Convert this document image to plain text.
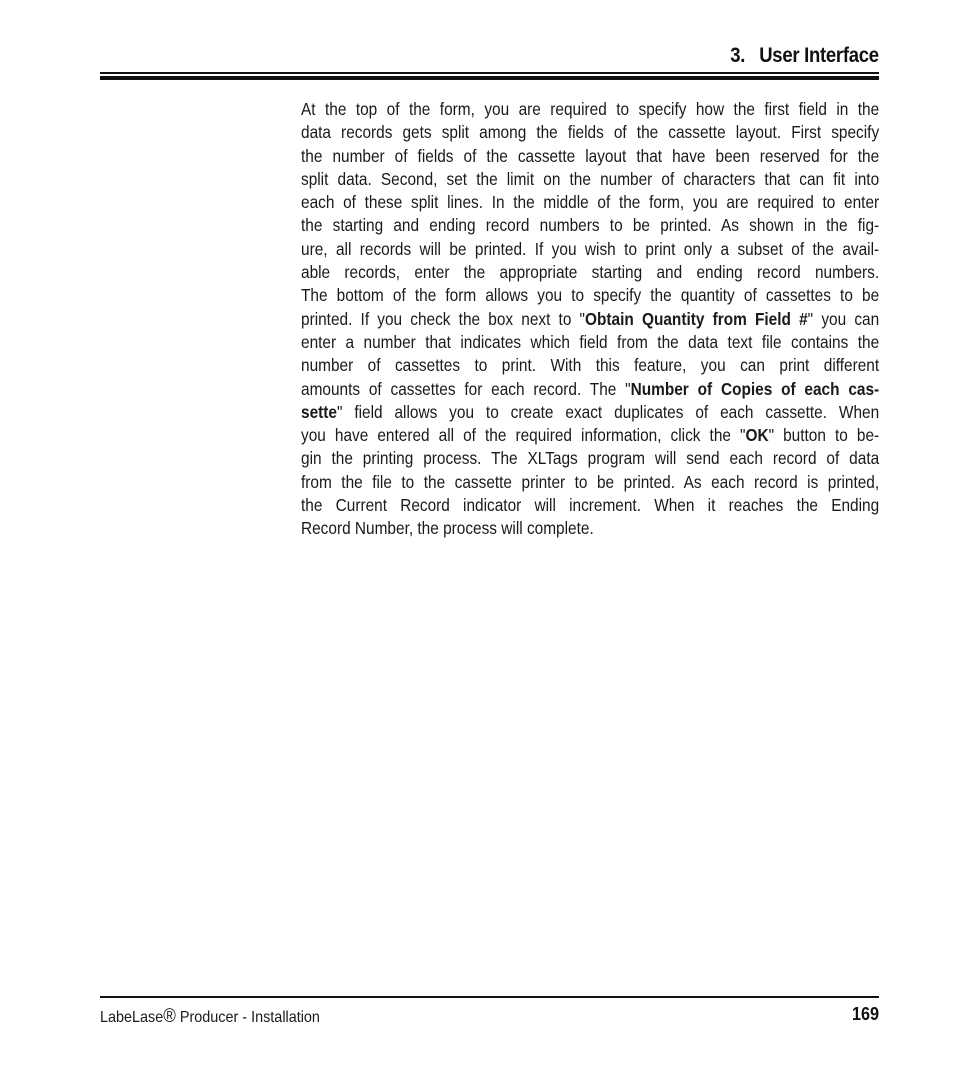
3. User Interface
At the top of the form, you are required to specify how the first field in the
data records gets split among the fields of the cassette layout. First specify
the number of fields of the cassette layout that have been reserved for the
split data. Second, set the limit on the number of characters that can fit into
each of these split lines. In the middle of the form, you are required to enter
the starting and ending record numbers to be printed. As shown in the fig-
ure, all records will be printed. If you wish to print only a subset of the avail-
able records, enter the appropriate starting and ending record numbers.
The bottom of the form allows you to specify the quantity of cassettes to be
printed. If you check the box next to "Obtain Quantity from Field #" you can
enter a number that indicates which field from the data text file contains the
number of cassettes to print. With this feature, you can print different
amounts of cassettes for each record. The "Number of Copies of each cas-
sette" field allows you to create exact duplicates of each cassette. When
you have entered all of the required information, click the "OK" button to be-
gin the printing process. The XLTags program will send each record of data
from the file to the cassette printer to be printed. As each record is printed,
the Current Record indicator will increment. When it reaches the Ending
Record Number, the process will complete.
LabeLase® Producer - Installation	169
